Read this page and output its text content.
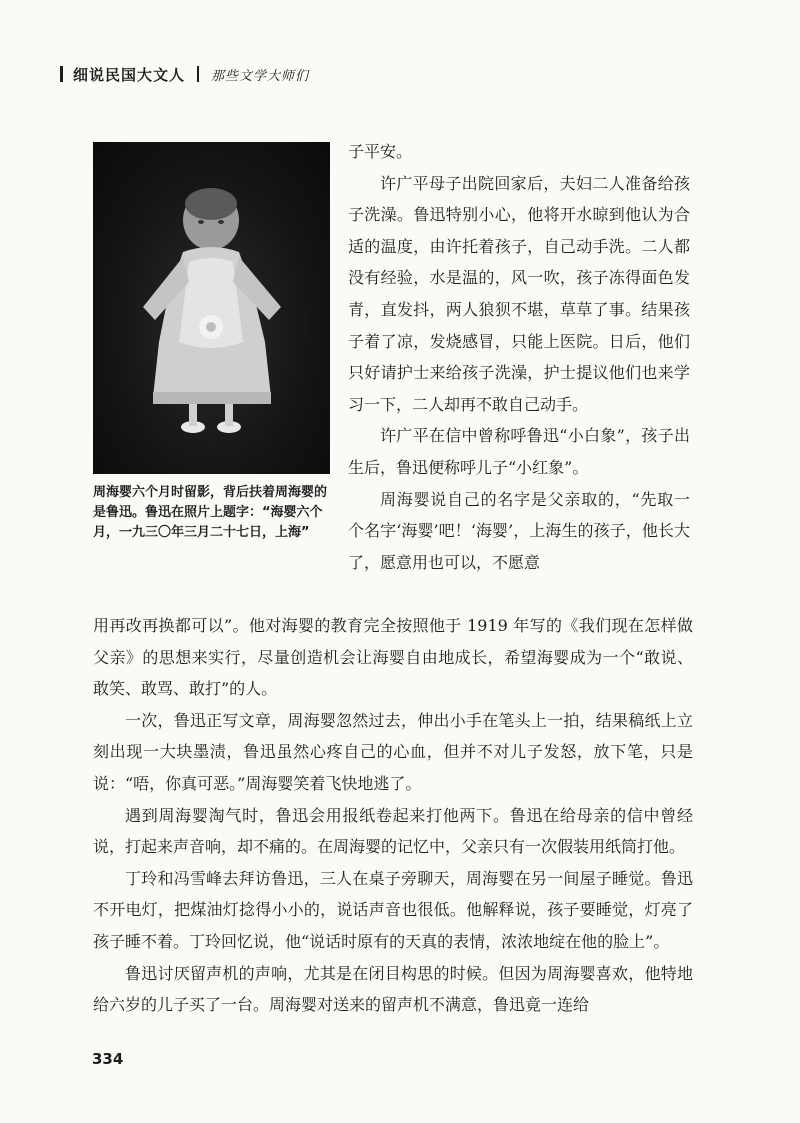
细说民国大文人 那些文学大师们
周海婴六个月时留影，背后扶着周海婴的是鲁迅。鲁迅在照片上题字：“海婴六个月，一九三〇年三月二十七日，上海”

子平安。

许广平母子出院回家后，夫妇二人准备给孩子洗澡。鲁迅特别小心，他将开水晾到他认为合适的温度，由许托着孩子，自己动手洗。二人都没有经验，水是温的，风一吹，孩子冻得面色发青，直发抖，两人狼狈不堪，草草了事。结果孩子着了凉，发烧感冒，只能上医院。日后，他们只好请护士来给孩子洗澡，护士提议他们也来学习一下，二人却再不敢自己动手。

许广平在信中曾称呼鲁迅“小白象”，孩子出生后，鲁迅便称呼儿子“小红象”。

周海婴说自己的名字是父亲取的，“先取一个名字‘海婴’吧！‘海婴’，上海生的孩子，他长大了，愿意用也可以，不愿意

用再改再换都可以”。他对海婴的教育完全按照他于 1919 年写的《我们现在怎样做父亲》的思想来实行，尽量创造机会让海婴自由地成长，希望海婴成为一个“敢说、敢笑、敢骂、敢打”的人。

一次，鲁迅正写文章，周海婴忽然过去，伸出小手在笔头上一拍，结果稿纸上立刻出现一大块墨渍，鲁迅虽然心疼自己的心血，但并不对儿子发怒，放下笔，只是说：“唔，你真可恶。”周海婴笑着飞快地逃了。

遇到周海婴淘气时，鲁迅会用报纸卷起来打他两下。鲁迅在给母亲的信中曾经说，打起来声音响，却不痛的。在周海婴的记忆中，父亲只有一次假装用纸筒打他。

丁玲和冯雪峰去拜访鲁迅，三人在桌子旁聊天，周海婴在另一间屋子睡觉。鲁迅不开电灯，把煤油灯捻得小小的，说话声音也很低。他解释说，孩子要睡觉，灯亮了孩子睡不着。丁玲回忆说，他“说话时原有的天真的表情，浓浓地绽在他的脸上”。

鲁迅讨厌留声机的声响，尤其是在闭目构思的时候。但因为周海婴喜欢，他特地给六岁的儿子买了一台。周海婴对送来的留声机不满意，鲁迅竟一连给

334
